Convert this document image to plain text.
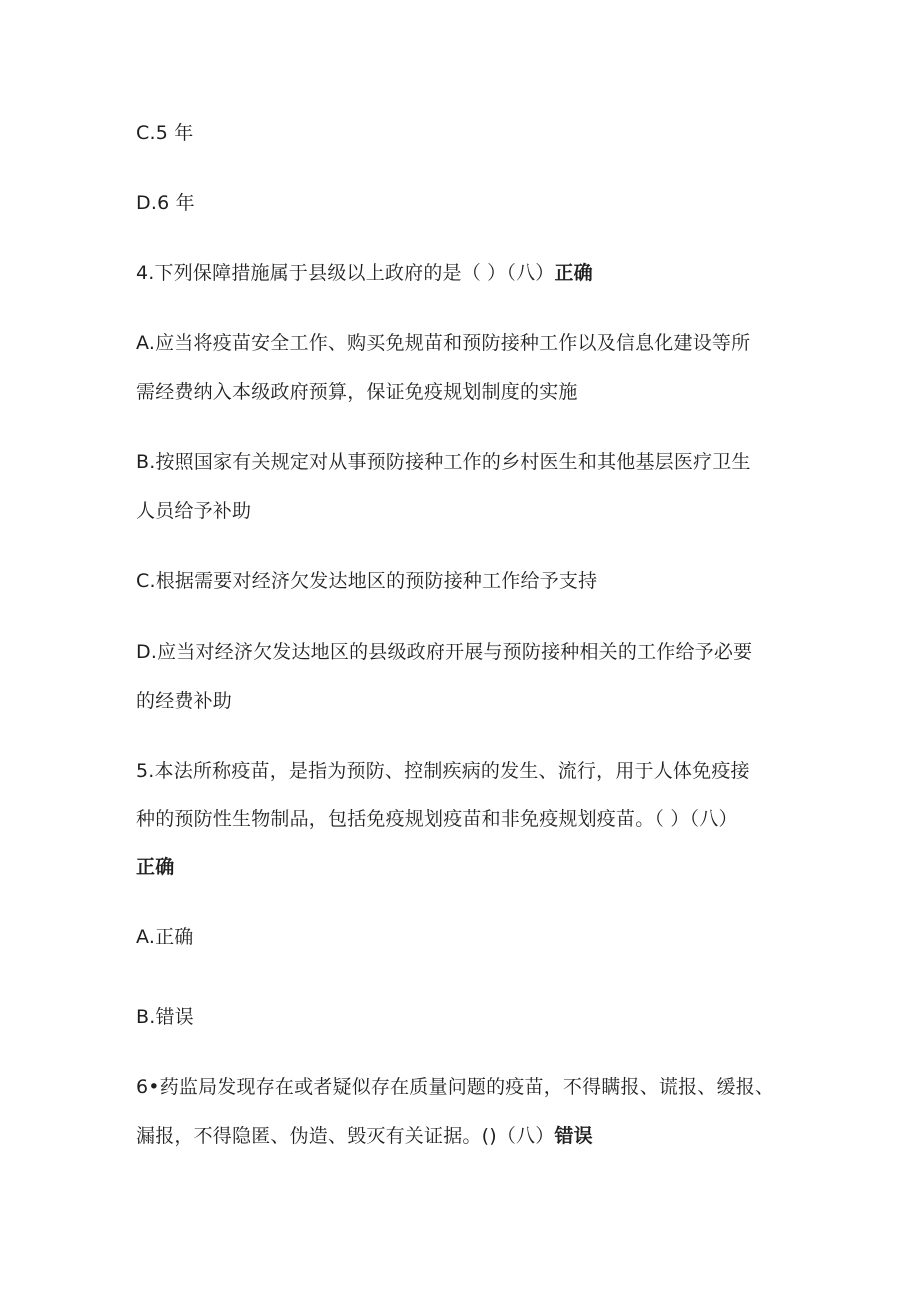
C.5 年
D.6 年
4.下列保障措施属于县级以上政府的是（ ）（八）正确
A.应当将疫苗安全工作、购买免规苗和预防接种工作以及信息化建设等所
需经费纳入本级政府预算，保证免疫规划制度的实施
B.按照国家有关规定对从事预防接种工作的乡村医生和其他基层医疗卫生
人员给予补助
C.根据需要对经济欠发达地区的预防接种工作给予支持
D.应当对经济欠发达地区的县级政府开展与预防接种相关的工作给予必要
的经费补助
5.本法所称疫苗，是指为预防、控制疾病的发生、流行，用于人体免疫接
种的预防性生物制品，包括免疫规划疫苗和非免疫规划疫苗。（ ）（八）
正确
A.正确
B.错误
6•药监局发现存在或者疑似存在质量问题的疫苗，不得瞒报、谎报、缓报、
漏报，不得隐匿、伪造、毁灭有关证据。()（八）错误
